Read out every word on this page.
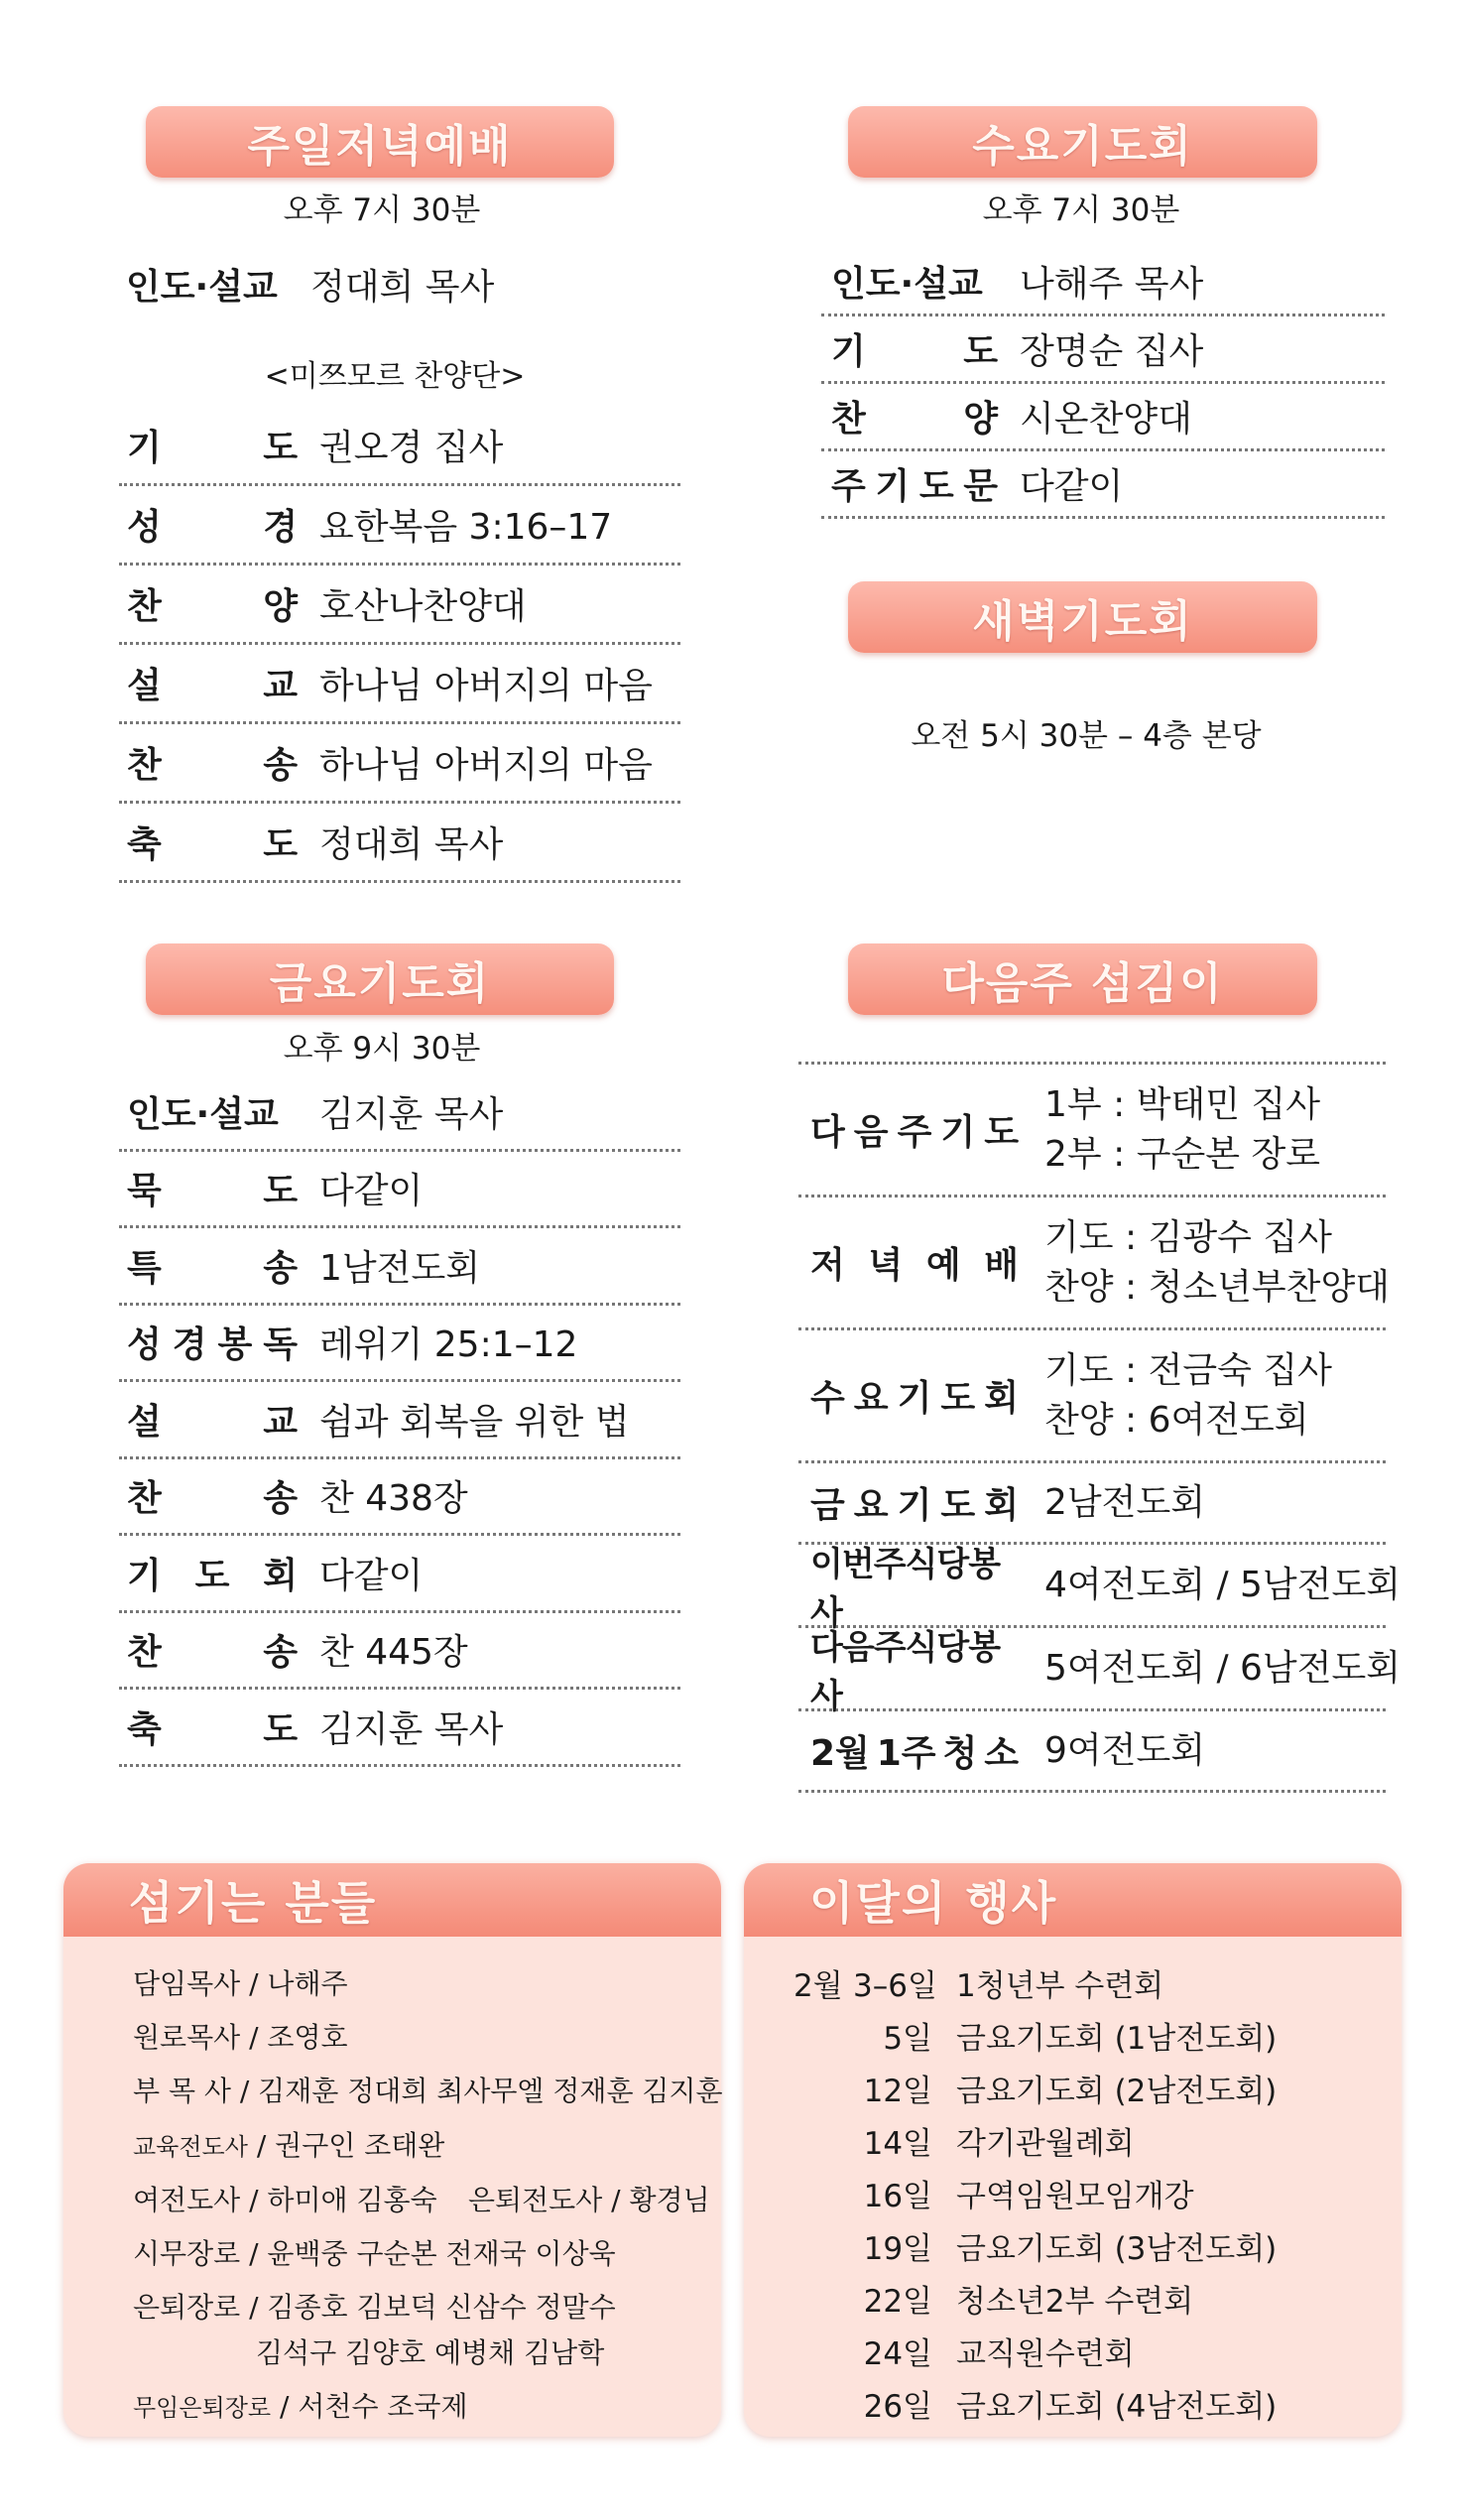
주일저녁예배
오후 7시 30분
인도·설교 정대희 목사
<미쯔모르 찬양단>
기	도 권오경 집사
성	경 요한복음 3:16–17
찬	양 호산나찬양대
설	교 하나님 아버지의 마음
찬	송 하나님 아버지의 마음
축	도 정대희 목사
금요기도회
오후 9시 30분
인도·설교 김지훈 목사
묵	도 다같이
특	송 1남전도회
성 경 봉 독 레위기 25:1–12
설	교 쉼과 회복을 위한 법
찬	송 찬 438장
기 도 회 다같이
찬	송 찬 445장
축	도 김지훈 목사
수요기도회
오후 7시 30분
인도·설교 나해주 목사
기	도 장명순 집사
찬	양 시온찬양대
주 기 도 문 다같이
새벽기도회
오전 5시 30분 – 4층 본당
다음주 섬김이
다 음 주 기 도
1부 : 박태민 집사
2부 : 구순본 장로
저 녁 예 배
기도 : 김광수 집사
찬양 : 청소년부찬양대
수 요 기 도 회
기도 : 전금숙 집사
찬양 : 6여전도회
금 요 기 도 회 2남전도회
이번주식당봉사
4여전도회 / 5남전도회
다음주식당봉사
5여전도회 / 6남전도회
2월 1주 청 소 9여전도회
섬기는 분들
담임목사 / 나해주
원로목사 / 조영호
부 목 사 / 김재훈 정대희 최사무엘 정재훈 김지훈
교육전도사 / 권구인 조태완
여전도사 / 하미애 김홍숙 은퇴전도사 / 황경님
시무장로 / 윤백중 구순본 전재국 이상욱
은퇴장로 / 김종호 김보덕 신삼수 정말수
김석구 김양호 예병채 김남학
무임은퇴장로 / 서천수 조국제
이달의 행사
2월 3–6일 1청년부 수련회
5일 금요기도회 (1남전도회)
12일 금요기도회 (2남전도회)
14일 각기관월례회
16일 구역임원모임개강
19일 금요기도회 (3남전도회)
22일 청소년2부 수련회
24일 교직원수련회
26일 금요기도회 (4남전도회)
